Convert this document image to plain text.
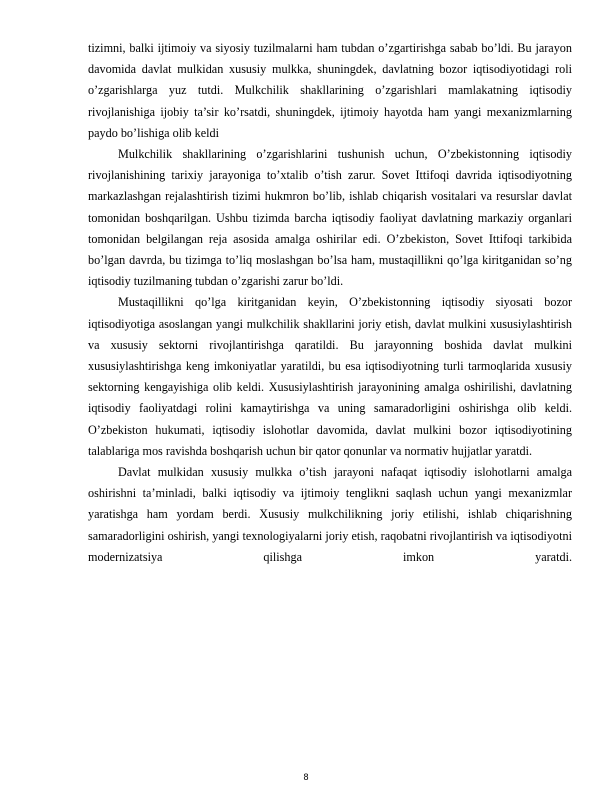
tizimni, balki ijtimoiy va siyosiy tuzilmalarni ham tubdan o’zgartirishga sabab bo’ldi. Bu jarayon davomida davlat mulkidan xususiy mulkka, shuningdek, davlatning bozor iqtisodiyotidagi roli o’zgarishlarga yuz tutdi. Mulkchilik shakllarining o’zgarishlari mamlakatning iqtisodiy rivojlanishiga ijobiy ta’sir ko’rsatdi, shuningdek, ijtimoiy hayotda ham yangi mexanizmlarning paydo bo’lishiga olib keldi

Mulkchilik shakllarining o’zgarishlarini tushunish uchun, O’zbekistonning iqtisodiy rivojlanishining tarixiy jarayoniga to’xtalib o’tish zarur. Sovet Ittifoqi davrida iqtisodiyotning markazlashgan rejalashtirish tizimi hukmron bo’lib, ishlab chiqarish vositalari va resurslar davlat tomonidan boshqarilgan. Ushbu tizimda barcha iqtisodiy faoliyat davlatning markaziy organlari tomonidan belgilangan reja asosida amalga oshirilar edi. O’zbekiston, Sovet Ittifoqi tarkibida bo’lgan davrda, bu tizimga to’liq moslashgan bo’lsa ham, mustaqillikni qo’lga kiritganidan so’ng iqtisodiy tuzilmaning tubdan o’zgarishi zarur bo’ldi.

Mustaqillikni qo’lga kiritganidan keyin, O’zbekistonning iqtisodiy siyosati bozor iqtisodiyotiga asoslangan yangi mulkchilik shakllarini joriy etish, davlat mulkini xususiylashtirish va xususiy sektorni rivojlantirishga qaratildi. Bu jarayonning boshida davlat mulkini xususiylashtirishga keng imkoniyatlar yaratildi, bu esa iqtisodiyotning turli tarmoqlarida xususiy sektorning kengayishiga olib keldi. Xususiylashtirish jarayonining amalga oshirilishi, davlatning iqtisodiy faoliyatdagi rolini kamaytirishga va uning samaradorligini oshirishga olib keldi. O’zbekiston hukumati, iqtisodiy islohotlar davomida, davlat mulkini bozor iqtisodiyotining talablariga mos ravishda boshqarish uchun bir qator qonunlar va normativ hujjatlar yaratdi.

Davlat mulkidan xususiy mulkka o’tish jarayoni nafaqat iqtisodiy islohotlarni amalga oshirishni ta’minladi, balki iqtisodiy va ijtimoiy tenglikni saqlash uchun yangi mexanizmlar yaratishga ham yordam berdi. Xususiy mulkchilikning joriy etilishi, ishlab chiqarishning samaradorligini oshirish, yangi texnologiyalarni joriy etish, raqobatni rivojlantirish va iqtisodiyotni modernizatsiya qilishga imkon yaratdi.

8
